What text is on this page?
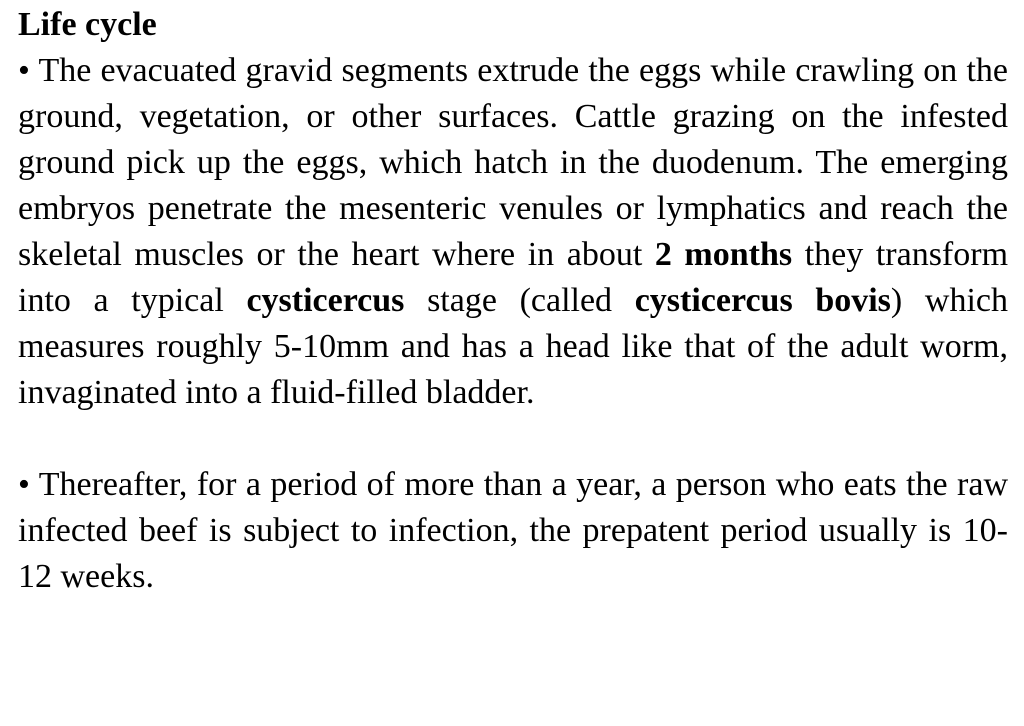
Life cycle

• The evacuated gravid segments extrude the eggs while crawling on the ground, vegetation, or other surfaces. Cattle grazing on the infested ground pick up the eggs, which hatch in the duodenum. The emerging embryos penetrate the mesenteric venules or lymphatics and reach the skeletal muscles or the heart where in about 2 months they transform into a typical cysticercus stage (called cysticercus bovis) which measures roughly 5-10mm and has a head like that of the adult worm, invaginated into a fluid-filled bladder.

• Thereafter, for a period of more than a year, a person who eats the raw infected beef is subject to infection, the prepatent period usually is 10-12 weeks.
